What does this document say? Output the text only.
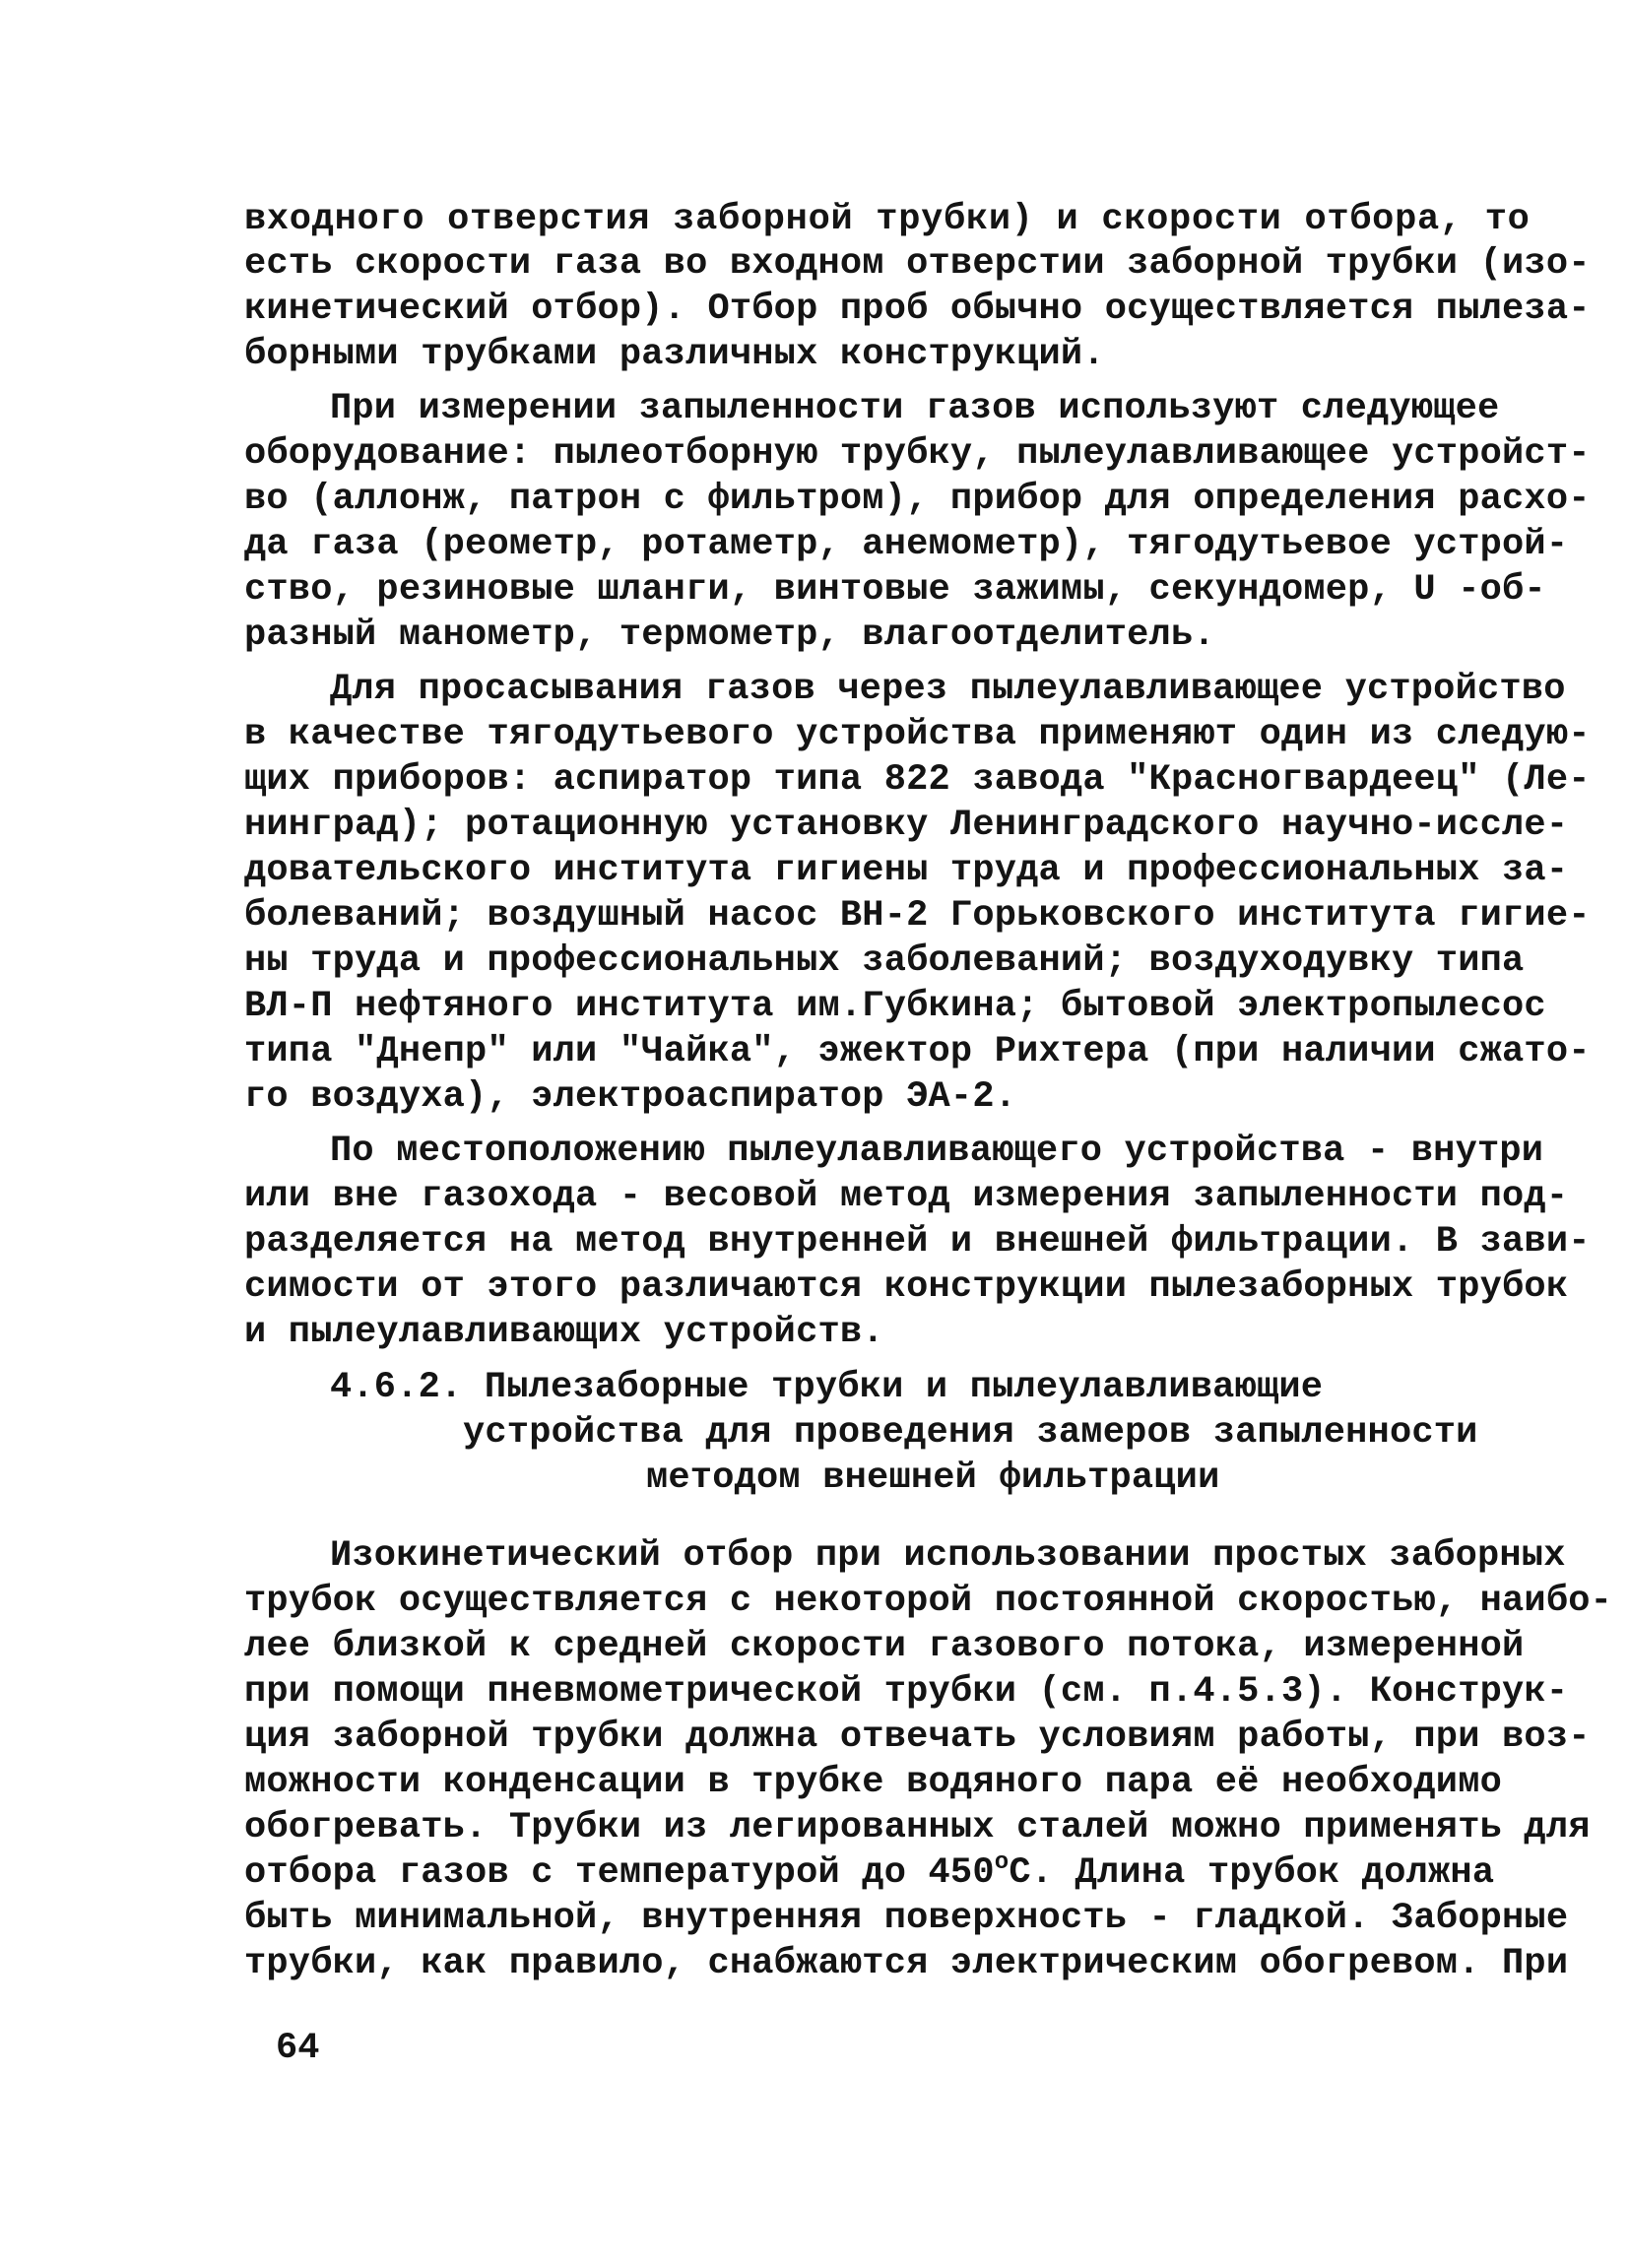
входного отверстия заборной трубки) и скорости отбора, то
есть скорости газа во входном отверстии заборной трубки (изо-
кинетический отбор). Отбор проб обычно осуществляется пылеза-
борными трубками различных конструкций.
При измерении запыленности газов используют следующее
оборудование: пылеотборную трубку, пылеулавливающее устройст-
во (аллонж, патрон с фильтром), прибор для определения расхо-
да газа (реометр, ротаметр, анемометр), тягодутьевое устрой-
ство, резиновые шланги, винтовые зажимы, секундомер, U -об-
разный манометр, термометр, влагоотделитель.
Для просасывания газов через пылеулавливающее устройство
в качестве тягодутьевого устройства применяют один из следую-
щих приборов: аспиратор типа 822 завода "Красногвардеец" (Ле-
нинград); ротационную установку Ленинградского научно-иссле-
довательского института гигиены труда и профессиональных за-
болеваний; воздушный насос ВН-2 Горьковского института гигие-
ны труда и профессиональных заболеваний; воздуходувку типа
ВЛ-П нефтяного института им.Губкина; бытовой электропылесос
типа "Днепр" или "Чайка", эжектор Рихтера (при наличии сжато-
го воздуха), электроаспиратор ЭА-2.
По местоположению пылеулавливающего устройства - внутри
или вне газохода - весовой метод измерения запыленности под-
разделяется на метод внутренней и внешней фильтрации. В зави-
симости от этого различаются конструкции пылезаборных трубок
и пылеулавливающих устройств.
4.6.2. Пылезаборные трубки и пылеулавливающие
устройства для проведения замеров запыленности
методом внешней фильтрации
Изокинетический отбор при использовании простых заборных
трубок осуществляется с некоторой постоянной скоростью, наибо-
лее близкой к средней скорости газового потока, измеренной
при помощи пневмометрической трубки (см. п.4.5.3). Конструк-
ция заборной трубки должна отвечать условиям работы, при воз-
можности конденсации в трубке водяного пара её необходимо
обогревать. Трубки из легированных сталей можно применять для
отбора газов с температурой до $450^оС$. Длина трубок должна
быть минимальной, внутренняя поверхность - гладкой. Заборные
трубки, как правило, снабжаются электрическим обогревом. При
64
